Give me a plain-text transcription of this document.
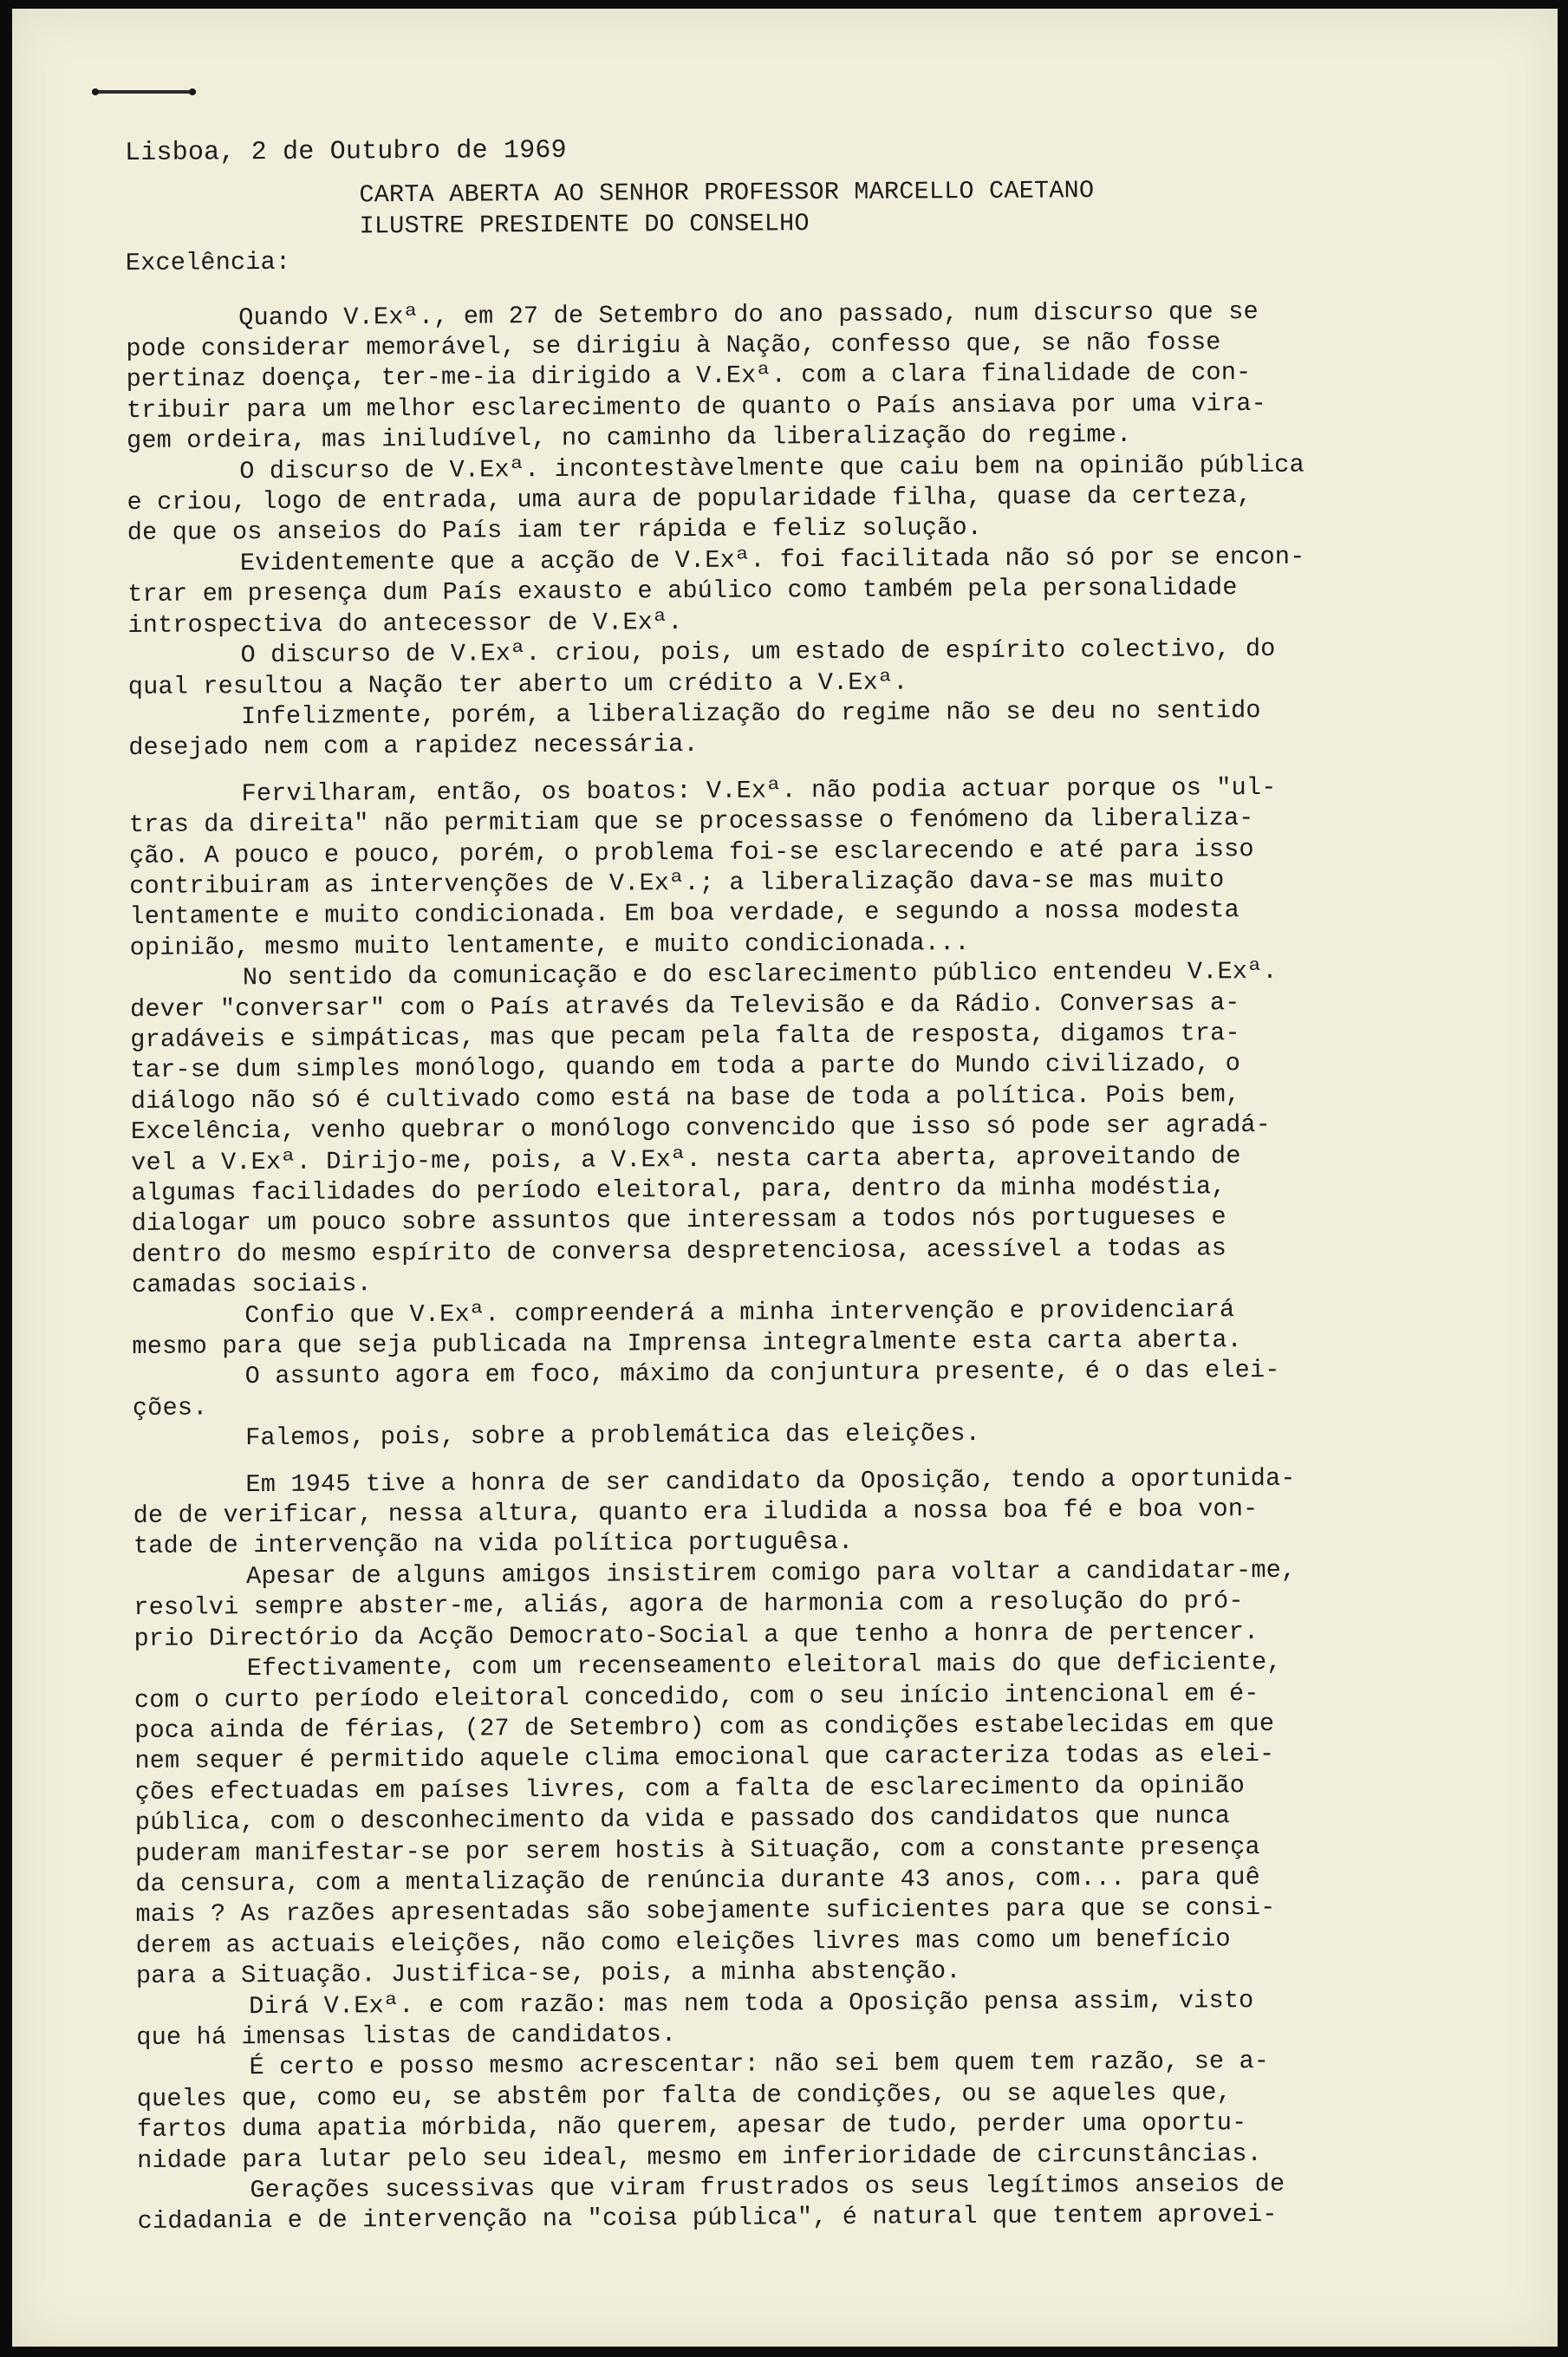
Lisboa, 2 de Outubro de 1969

CARTA ABERTA AO SENHOR PROFESSOR MARCELLO CAETANO

ILUSTRE PRESIDENTE DO CONSELHO

Excelência:

Quando V.Exª., em 27 de Setembro do ano passado, num discurso que se

pode considerar memorável, se dirigiu à Nação, confesso que, se não fosse

pertinaz doença, ter-me-ia dirigido a V.Exª. com a clara finalidade de con-

tribuir para um melhor esclarecimento de quanto o País ansiava por uma vira-

gem ordeira, mas iniludível, no caminho da liberalização do regime.

O discurso de V.Exª. incontestàvelmente que caiu bem na opinião pública

e criou, logo de entrada, uma aura de popularidade filha, quase da certeza,

de que os anseios do País iam ter rápida e feliz solução.

Evidentemente que a acção de V.Exª. foi facilitada não só por se encon-

trar em presença dum País exausto e abúlico como também pela personalidade

introspectiva do antecessor de V.Exª.

O discurso de V.Exª. criou, pois, um estado de espírito colectivo, do

qual resultou a Nação ter aberto um crédito a V.Exª.

Infelizmente, porém, a liberalização do regime não se deu no sentido

desejado nem com a rapidez necessária.

Fervilharam, então, os boatos: V.Exª. não podia actuar porque os "ul-

tras da direita" não permitiam que se processasse o fenómeno da liberaliza-

ção. A pouco e pouco, porém, o problema foi-se esclarecendo e até para isso

contribuiram as intervenções de V.Exª.; a liberalização dava-se mas muito

lentamente e muito condicionada. Em boa verdade, e segundo a nossa modesta

opinião, mesmo muito lentamente, e muito condicionada...

No sentido da comunicação e do esclarecimento público entendeu V.Exª.

dever "conversar" com o País através da Televisão e da Rádio. Conversas a-

gradáveis e simpáticas, mas que pecam pela falta de resposta, digamos tra-

tar-se dum simples monólogo, quando em toda a parte do Mundo civilizado, o

diálogo não só é cultivado como está na base de toda a política. Pois bem,

Excelência, venho quebrar o monólogo convencido que isso só pode ser agradá-

vel a V.Exª. Dirijo-me, pois, a V.Exª. nesta carta aberta, aproveitando de

algumas facilidades do período eleitoral, para, dentro da minha modéstia,

dialogar um pouco sobre assuntos que interessam a todos nós portugueses e

dentro do mesmo espírito de conversa despretenciosa, acessível a todas as

camadas sociais.

Confio que V.Exª. compreenderá a minha intervenção e providenciará

mesmo para que seja publicada na Imprensa integralmente esta carta aberta.

O assunto agora em foco, máximo da conjuntura presente, é o das elei-

ções.

Falemos, pois, sobre a problemática das eleições.

Em 1945 tive a honra de ser candidato da Oposição, tendo a oportunida-

de de verificar, nessa altura, quanto era iludida a nossa boa fé e boa von-

tade de intervenção na vida política portuguêsa.

Apesar de alguns amigos insistirem comigo para voltar a candidatar-me,

resolvi sempre abster-me, aliás, agora de harmonia com a resolução do pró-

prio Directório da Acção Democrato-Social a que tenho a honra de pertencer.

Efectivamente, com um recenseamento eleitoral mais do que deficiente,

com o curto período eleitoral concedido, com o seu início intencional em é-

poca ainda de férias, (27 de Setembro) com as condições estabelecidas em que

nem sequer é permitido aquele clima emocional que caracteriza todas as elei-

ções efectuadas em países livres, com a falta de esclarecimento da opinião

pública, com o desconhecimento da vida e passado dos candidatos que nunca

puderam manifestar-se por serem hostis à Situação, com a constante presença

da censura, com a mentalização de renúncia durante 43 anos, com... para quê

mais ? As razões apresentadas são sobejamente suficientes para que se consi-

derem as actuais eleições, não como eleições livres mas como um benefício

para a Situação. Justifica-se, pois, a minha abstenção.

Dirá V.Exª. e com razão: mas nem toda a Oposição pensa assim, visto

que há imensas listas de candidatos.

É certo e posso mesmo acrescentar: não sei bem quem tem razão, se a-

queles que, como eu, se abstêm por falta de condições, ou se aqueles que,

fartos duma apatia mórbida, não querem, apesar de tudo, perder uma oportu-

nidade para lutar pelo seu ideal, mesmo em inferioridade de circunstâncias.

Gerações sucessivas que viram frustrados os seus legítimos anseios de

cidadania e de intervenção na "coisa pública", é natural que tentem aprovei-
